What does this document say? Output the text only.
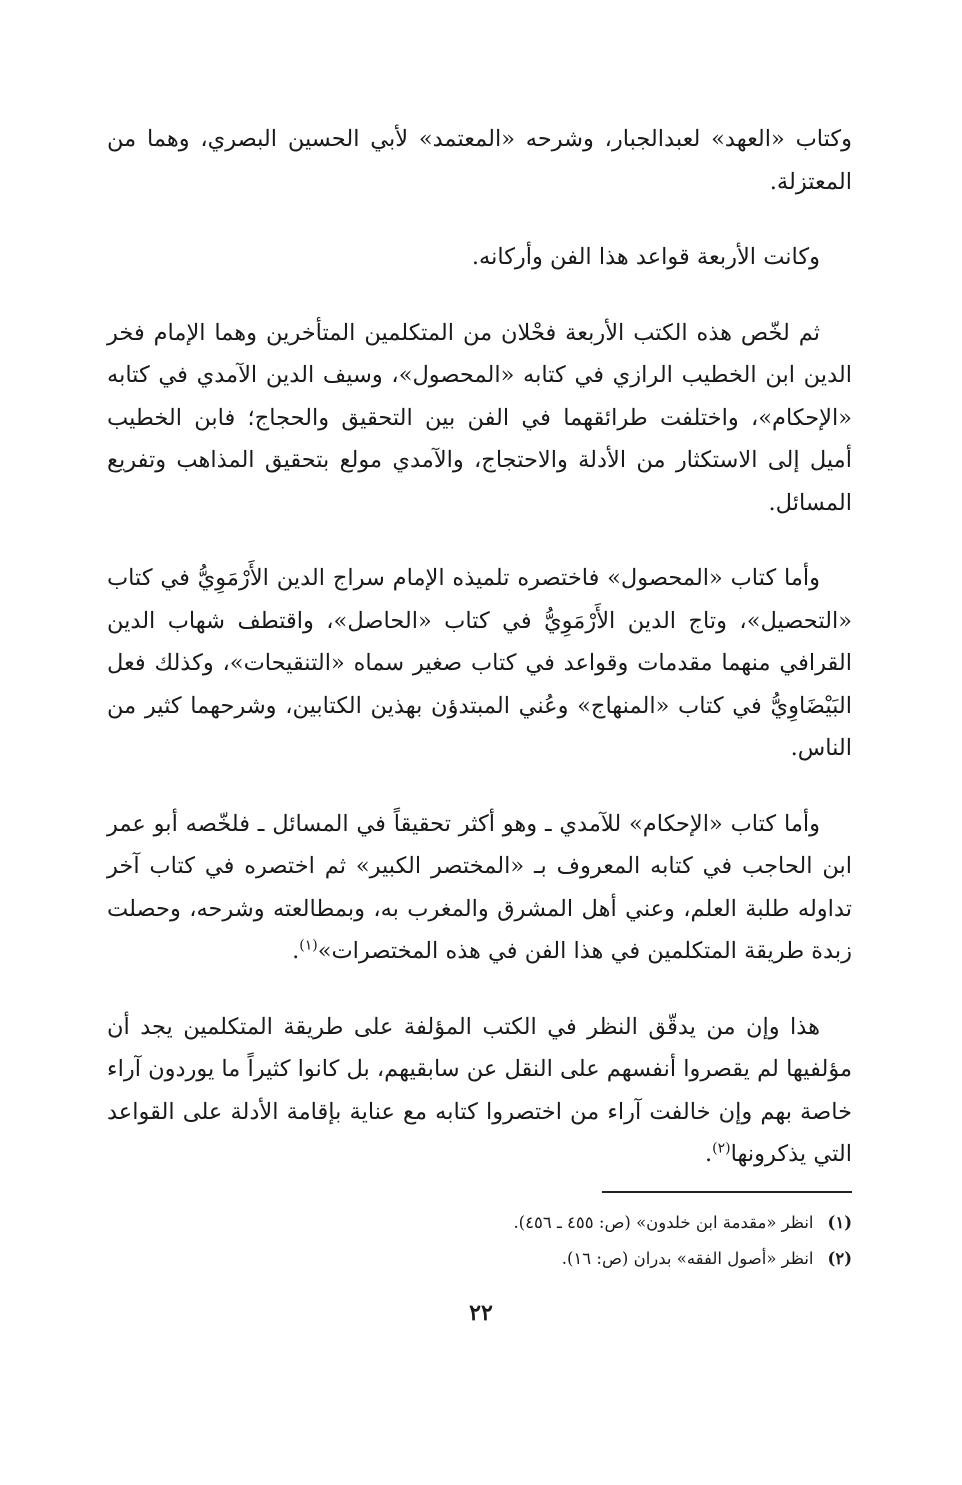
وكتاب «العهد» لعبدالجبار، وشرحه «المعتمد» لأبي الحسين البصري، وهما من المعتزلة.

وكانت الأربعة قواعد هذا الفن وأركانه.

ثم لخّص هذه الكتب الأربعة فحْلان من المتكلمين المتأخرين وهما الإمام فخر الدين ابن الخطيب الرازي في كتابه «المحصول»، وسيف الدين الآمدي في كتابه «الإحكام»، واختلفت طرائقهما في الفن بين التحقيق والحجاج؛ فابن الخطيب أميل إلى الاستكثار من الأدلة والاحتجاج، والآمدي مولع بتحقيق المذاهب وتفريع المسائل.

وأما كتاب «المحصول» فاختصره تلميذه الإمام سراج الدين الأَرْمَوِيُّ في كتاب «التحصيل»، وتاج الدين الأَرْمَوِيُّ في كتاب «الحاصل»، واقتطف شهاب الدين القرافي منهما مقدمات وقواعد في كتاب صغير سماه «التنقيحات»، وكذلك فعل البَيْضَاوِيُّ في كتاب «المنهاج» وعُني المبتدؤن بهذين الكتابين، وشرحهما كثير من الناس.

وأما كتاب «الإحكام» للآمدي ـ وهو أكثر تحقيقاً في المسائل ـ فلخّصه أبو عمر ابن الحاجب في كتابه المعروف بـ «المختصر الكبير» ثم اختصره في كتاب آخر تداوله طلبة العلم، وعني أهل المشرق والمغرب به، وبمطالعته وشرحه، وحصلت زبدة طريقة المتكلمين في هذا الفن في هذه المختصرات»$^{(١)}$.

هذا وإن من يدقّق النظر في الكتب المؤلفة على طريقة المتكلمين يجد أن مؤلفيها لم يقصروا أنفسهم على النقل عن سابقيهم، بل كانوا كثيراً ما يوردون آراء خاصة بهم وإن خالفت آراء من اختصروا كتابه مع عناية بإقامة الأدلة على القواعد التي يذكرونها$^{(٢)}$.

(١)انظر «مقدمة ابن خلدون» (ص: ٤٥٥ ـ ٤٥٦).
(٢)انظر «أصول الفقه» بدران (ص: ١٦).
٢٢
